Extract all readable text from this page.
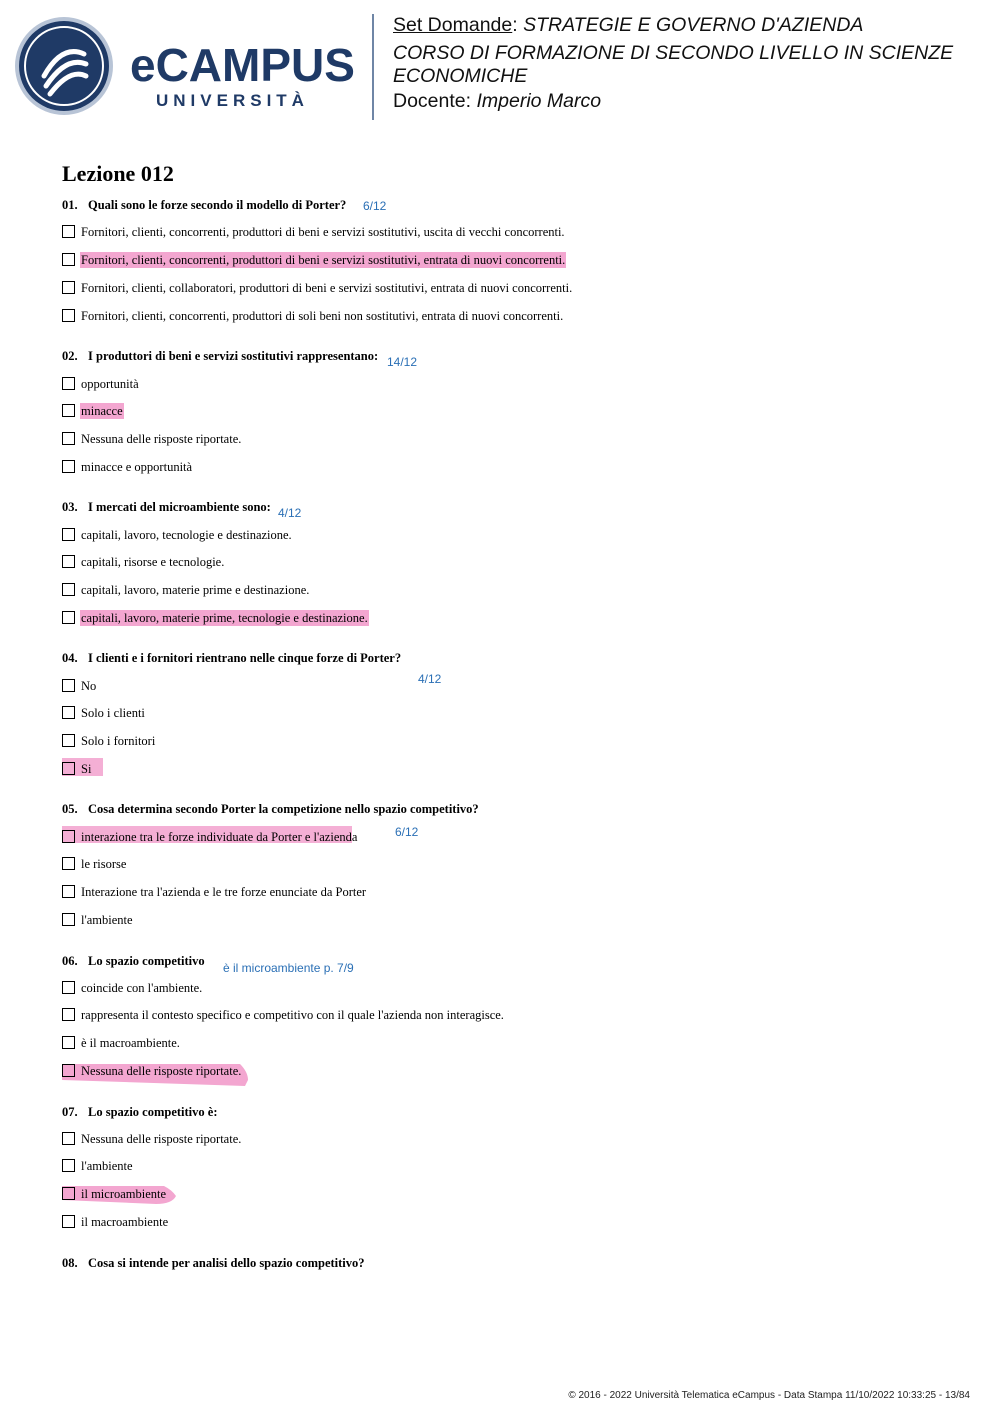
eCAMPUS
UNIVERSITÀ
Set Domande: STRATEGIE E GOVERNO D'AZIENDA
CORSO DI FORMAZIONE DI SECONDO LIVELLO IN SCIENZE ECONOMICHE
Docente: Imperio Marco
Lezione 012
01. Quali sono le forze secondo il modello di Porter? 6/12
Fornitori, clienti, concorrenti, produttori di beni e servizi sostitutivi, uscita di vecchi concorrenti.
Fornitori, clienti, concorrenti, produttori di beni e servizi sostitutivi, entrata di nuovi concorrenti.
Fornitori, clienti, collaboratori, produttori di beni e servizi sostitutivi, entrata di nuovi concorrenti.
Fornitori, clienti, concorrenti, produttori di soli beni non sostitutivi, entrata di nuovi concorrenti.
02. I produttori di beni e servizi sostitutivi rappresentano: 14/12
opportunità
minacce
Nessuna delle risposte riportate.
minacce e opportunità
03. I mercati del microambiente sono: 4/12
capitali, lavoro, tecnologie e destinazione.
capitali, risorse e tecnologie.
capitali, lavoro, materie prime e destinazione.
capitali, lavoro, materie prime, tecnologie e destinazione.
04. I clienti e i fornitori rientrano nelle cinque forze di Porter?
4/12
No
Solo i clienti
Solo i fornitori
Si
05. Cosa determina secondo Porter la competizione nello spazio competitivo?
6/12
interazione tra le forze individuate da Porter e l'azienda
le risorse
Interazione tra l'azienda e le tre forze enunciate da Porter
l'ambiente
06. Lo spazio competitivo è il microambiente p. 7/9
coincide con l'ambiente.
rappresenta il contesto specifico e competitivo con il quale l'azienda non interagisce.
è il macroambiente.
Nessuna delle risposte riportate.
07. Lo spazio competitivo è:
Nessuna delle risposte riportate.
l'ambiente
il microambiente
il macroambiente
08. Cosa si intende per analisi dello spazio competitivo?
© 2016 - 2022 Università Telematica eCampus - Data Stampa 11/10/2022 10:33:25 - 13/84
